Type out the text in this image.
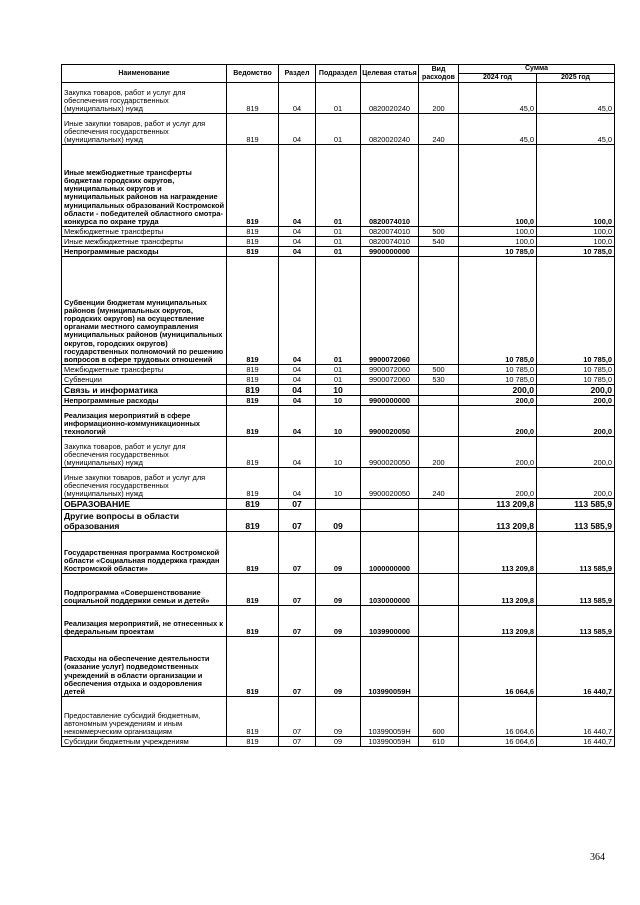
Наименование	Ведомство	Раздел	Подраздел	Целевая статья	Вид расходов	Сумма	
						2024 год	2025 год
Закупка товаров, работ и услуг для обеспечения государственных (муниципальных) нужд	819	04	01	0820020240	200	45,0	45,0
Иные закупки товаров, работ и услуг для обеспечения государственных (муниципальных) нужд	819	04	01	0820020240	240	45,0	45,0
Иные межбюджетные трансферты бюджетам городских округов, муниципальных округов и муниципальных районов на награждение муниципальных образований Костромской области - победителей областного смотра-конкурса по охране труда	819	04	01	0820074010		100,0	100,0
Межбюджетные трансферты	819	04	01	0820074010	500	100,0	100,0
Иные межбюджетные трансферты	819	04	01	0820074010	540	100,0	100,0
Непрограммные расходы	819	04	01	9900000000		10 785,0	10 785,0
Субвенции бюджетам муниципальных районов (муниципальных округов, городских округов) на осуществление органами местного самоуправления муниципальных районов (муниципальных округов, городских округов) государственных полномочий по решению вопросов в сфере трудовых отношений	819	04	01	9900072060		10 785,0	10 785,0
Межбюджетные трансферты	819	04	01	9900072060	500	10 785,0	10 785,0
Субвенции	819	04	01	9900072060	530	10 785,0	10 785,0
Связь и информатика	819	04	10			200,0	200,0
Непрограммные расходы	819	04	10	9900000000		200,0	200,0
Реализация мероприятий в сфере информационно-коммуникационных технологий	819	04	10	9900020050		200,0	200,0
Закупка товаров, работ и услуг для обеспечения государственных (муниципальных) нужд	819	04	10	9900020050	200	200,0	200,0
Иные закупки товаров, работ и услуг для обеспечения государственных (муниципальных) нужд	819	04	10	9900020050	240	200,0	200,0
ОБРАЗОВАНИЕ	819	07				113 209,8	113 585,9
Другие вопросы в области образования	819	07	09			113 209,8	113 585,9
Государственная программа Костромской области «Социальная поддержка граждан Костромской области»	819	07	09	1000000000		113 209,8	113 585,9
Подпрограмма «Совершенствование социальной поддержки семьи и детей»	819	07	09	1030000000		113 209,8	113 585,9
Реализация мероприятий, не отнесенных к федеральным проектам	819	07	09	1039900000		113 209,8	113 585,9
Расходы на обеспечение деятельности (оказание услуг) подведомственных учреждений в области организации и обеспечения отдыха и оздоровления детей	819	07	09	103990059Н		16 064,6	16 440,7
Предоставление субсидий бюджетным, автономным учреждениям и иным некоммерческим организациям	819	07	09	103990059Н	600	16 064,6	16 440,7
Субсидии бюджетным учреждениям	819	07	09	103990059Н	610	16 064,6	16 440,7
364
